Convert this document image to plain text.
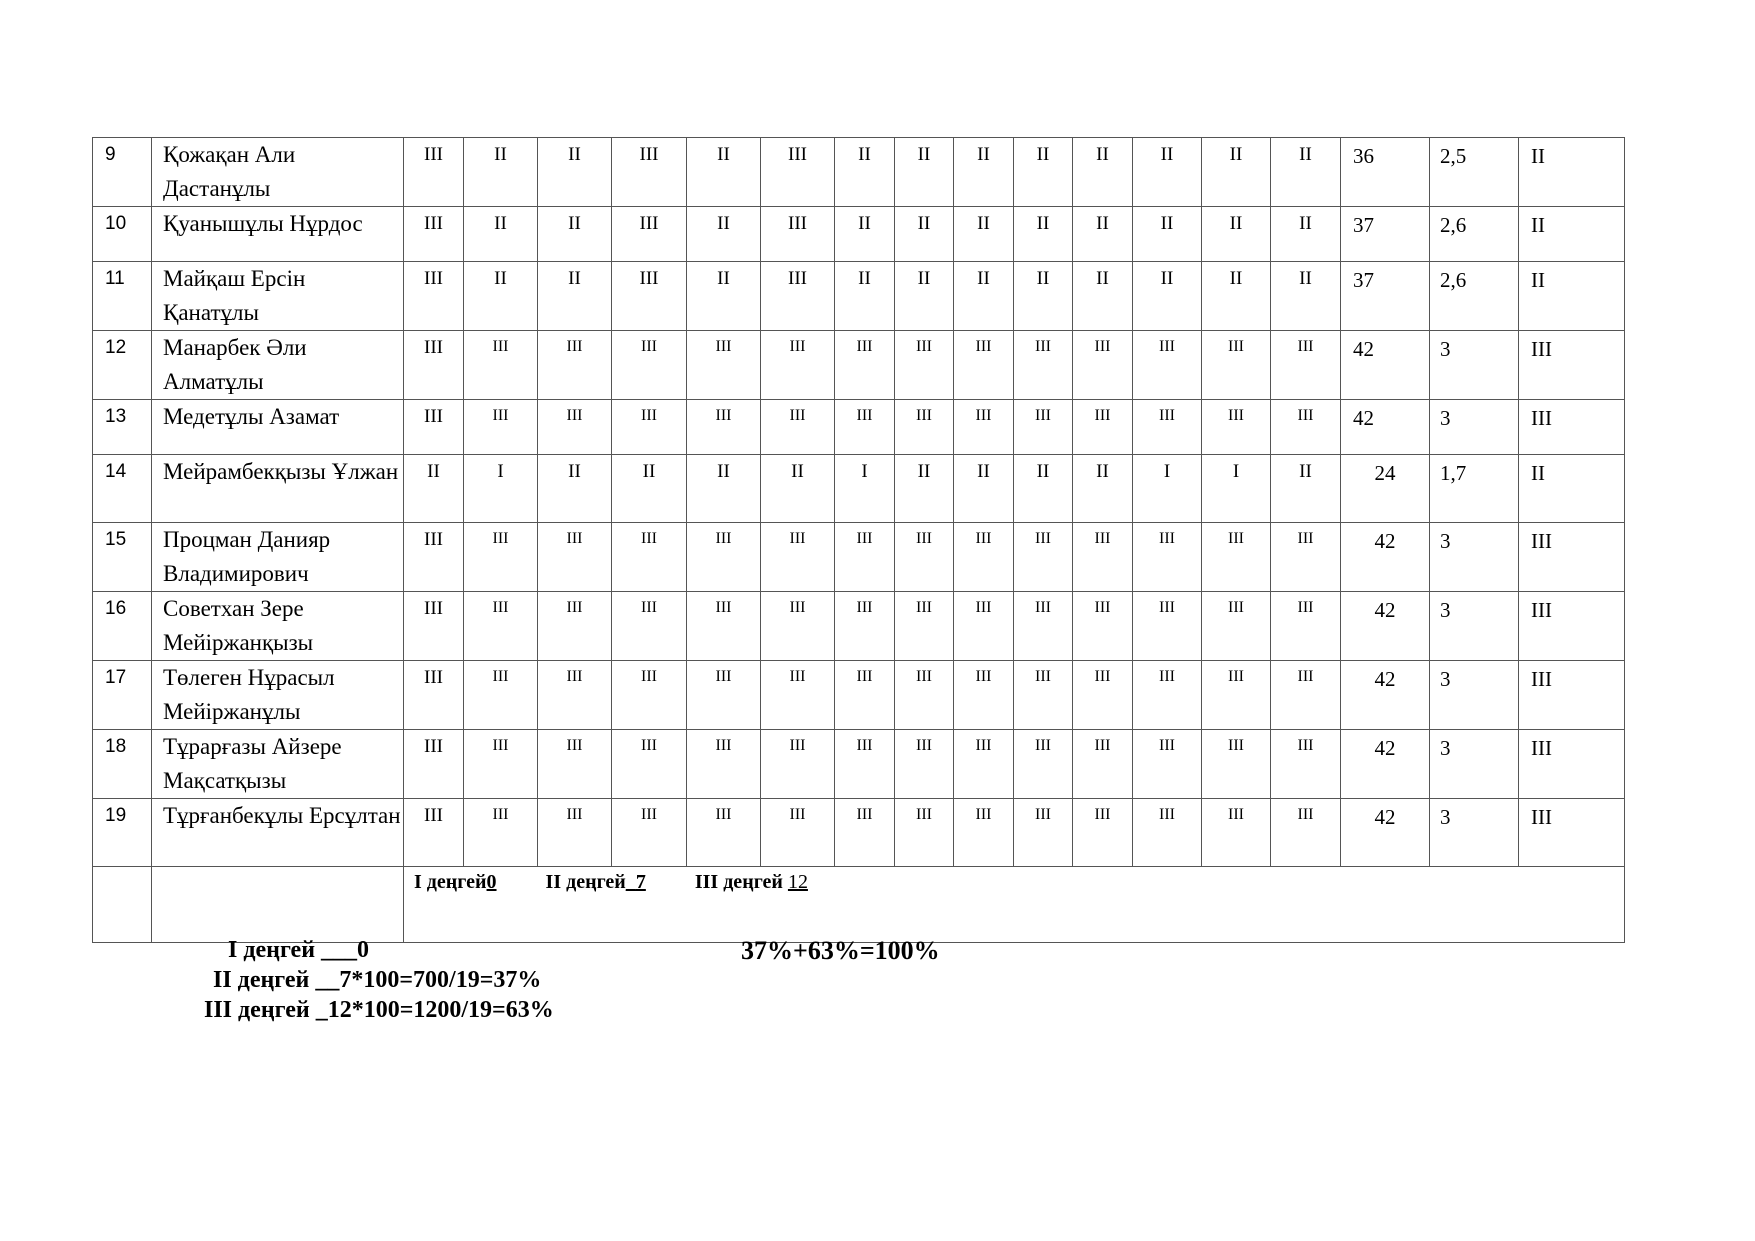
9	Қожақан Али Дастанұлы	III	II	II	III	II	III	II	II	II	II	II	II	II	II	36	2,5	II
10	Қуанышұлы Нұрдос	III	II	II	III	II	III	II	II	II	II	II	II	II	II	37	2,6	II
11	Майқаш Ерсін Қанатұлы	III	II	II	III	II	III	II	II	II	II	II	II	II	II	37	2,6	II
12	Манарбек Әли Алматұлы	III	III	III	III	III	III	III	III	III	III	III	III	III	III	42	3	III
13	Медетұлы Азамат	III	III	III	III	III	III	III	III	III	III	III	III	III	III	42	3	III
14	Мейрамбекқызы Ұлжан	II	I	II	II	II	II	I	II	II	II	II	I	I	II	24	1,7	II
15	Процман Данияр Владимирович	III	III	III	III	III	III	III	III	III	III	III	III	III	III	42	3	III
16	Советхан Зере Мейіржанқызы	III	III	III	III	III	III	III	III	III	III	III	III	III	III	42	3	III
17	Төлеген Нұрасыл Мейіржанұлы	III	III	III	III	III	III	III	III	III	III	III	III	III	III	42	3	III
18	Тұрарғазы Айзере Мақсатқызы	III	III	III	III	III	III	III	III	III	III	III	III	III	III	42	3	III
19	Тұрғанбекұлы Ерсұлтан	III	III	III	III	III	III	III	III	III	III	III	III	III	III	42	3	III
		I деңгей0 II деңгей_7 III деңгей 12																

I деңгей ___0

II деңгей __7*100=700/19=37%

III деңгей _12*100=1200/19=63%

37%+63%=100%
